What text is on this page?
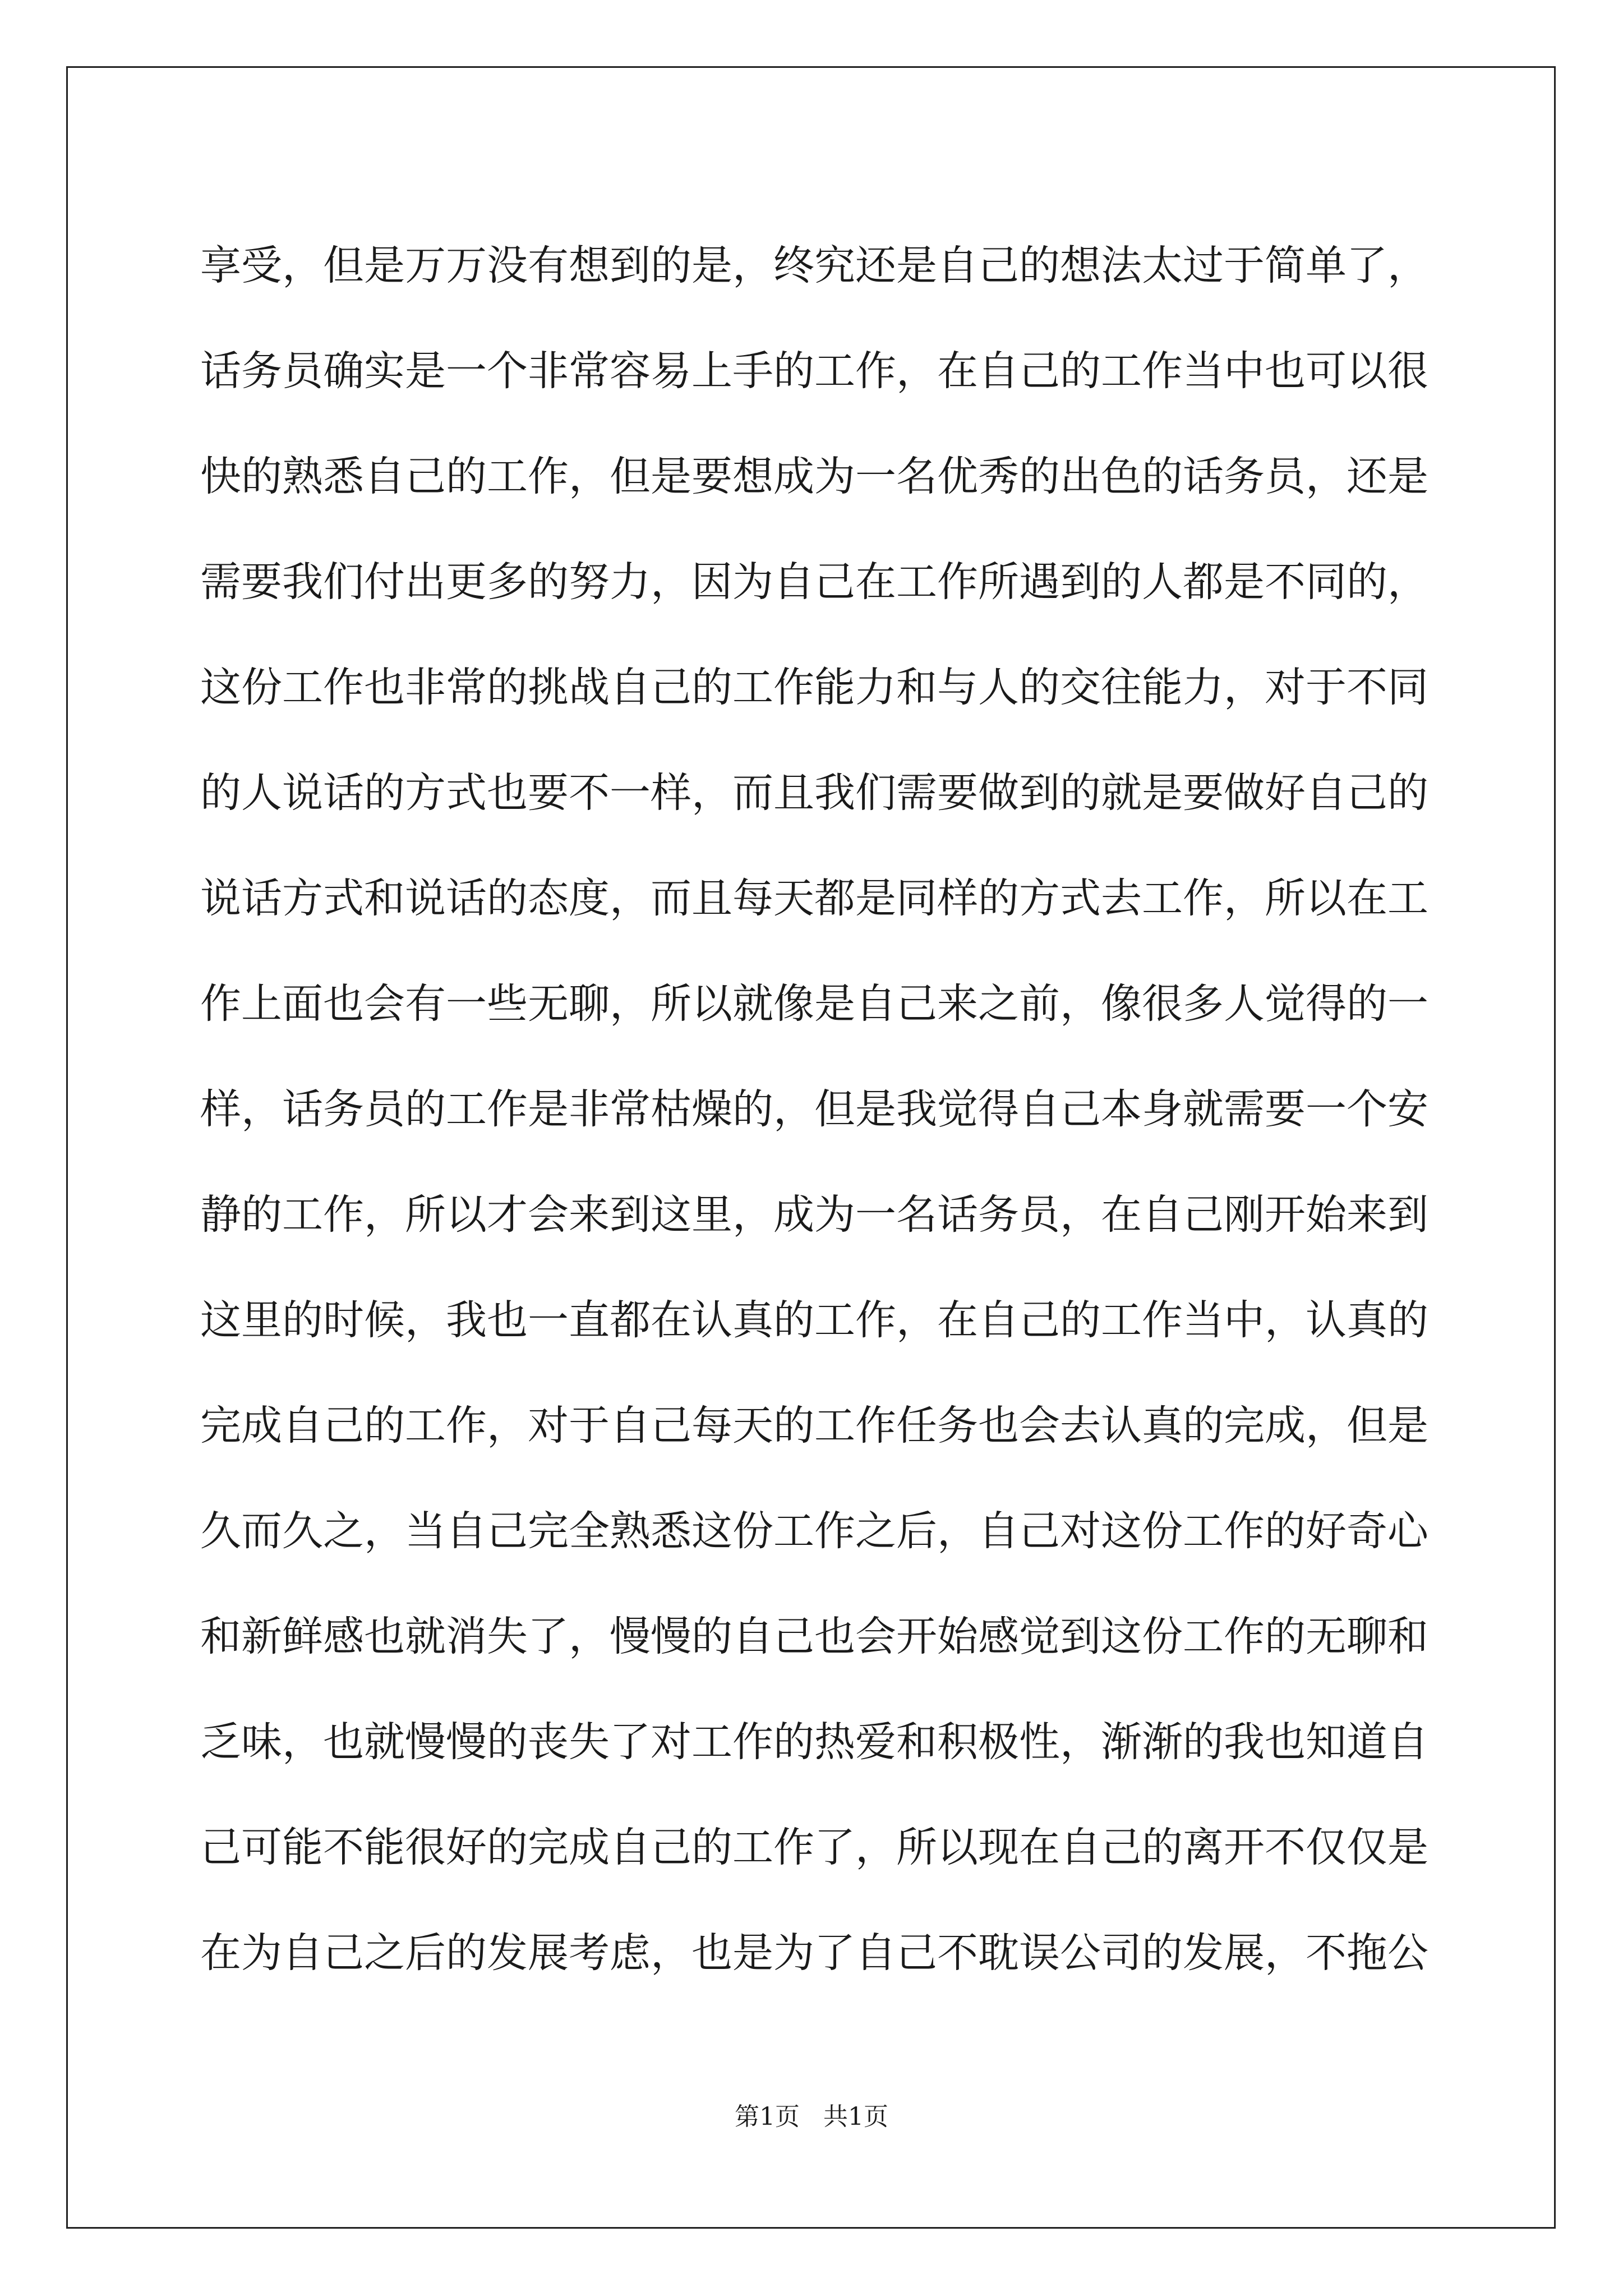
享受，但是万万没有想到的是，终究还是自己的想法太过于简单了，
话务员确实是一个非常容易上手的工作，在自己的工作当中也可以很
快的熟悉自己的工作，但是要想成为一名优秀的出色的话务员，还是
需要我们付出更多的努力，因为自己在工作所遇到的人都是不同的，
这份工作也非常的挑战自己的工作能力和与人的交往能力，对于不同
的人说话的方式也要不一样，而且我们需要做到的就是要做好自己的
说话方式和说话的态度，而且每天都是同样的方式去工作，所以在工
作上面也会有一些无聊，所以就像是自己来之前，像很多人觉得的一
样，话务员的工作是非常枯燥的，但是我觉得自己本身就需要一个安
静的工作，所以才会来到这里，成为一名话务员，在自己刚开始来到
这里的时候，我也一直都在认真的工作，在自己的工作当中，认真的
完成自己的工作，对于自己每天的工作任务也会去认真的完成，但是
久而久之，当自己完全熟悉这份工作之后，自己对这份工作的好奇心
和新鲜感也就消失了，慢慢的自己也会开始感觉到这份工作的无聊和
乏味，也就慢慢的丧失了对工作的热爱和积极性，渐渐的我也知道自
己可能不能很好的完成自己的工作了，所以现在自己的离开不仅仅是
在为自己之后的发展考虑，也是为了自己不耽误公司的发展，不拖公
第1页   共1页
